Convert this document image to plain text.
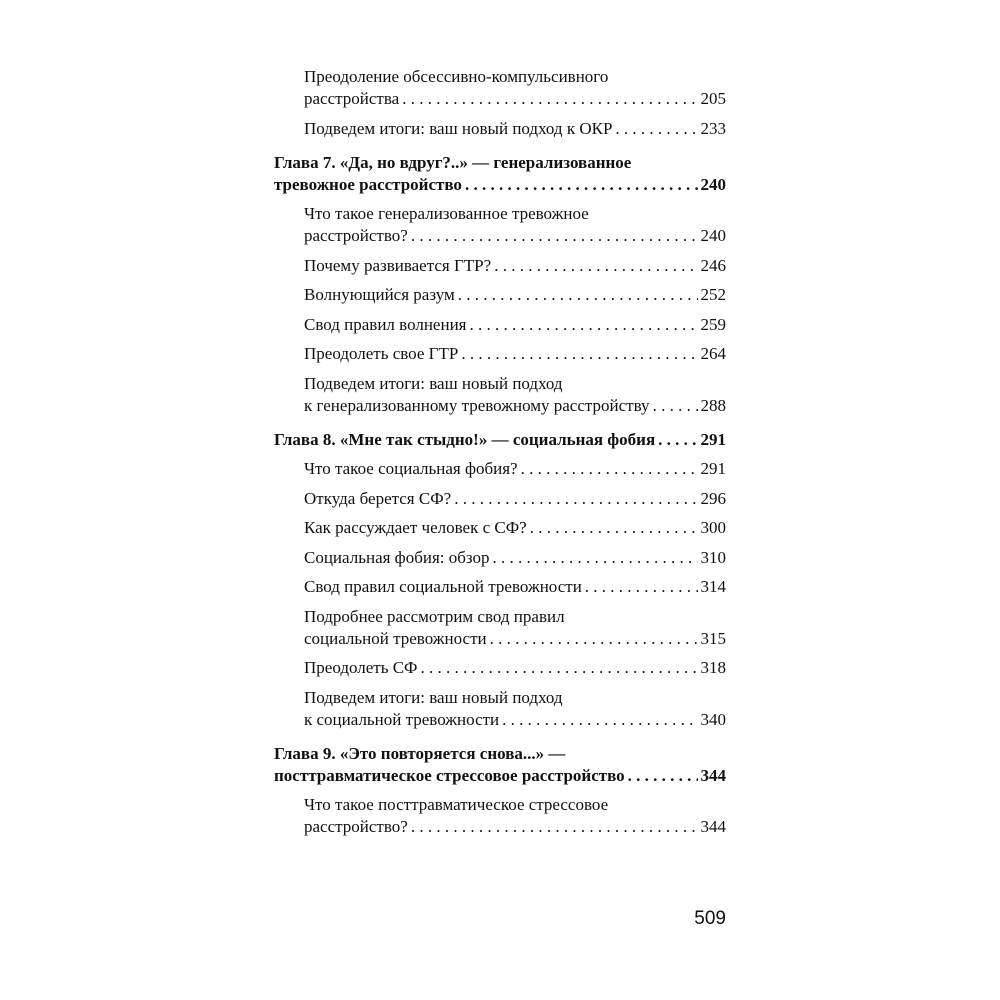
Преодоление обсессивно-компульсивного
расстройства . . .	205
Подведем итоги: ваш новый подход к ОКР . . .	233
Глава 7. «Да, но вдруг?..» — генерализованное
тревожное расстройство . . .	240
Что такое генерализованное тревожное
расстройство? . . .	240
Почему развивается ГТР? . . .	246
Волнующийся разум . . .	252
Свод правил волнения . . .	259
Преодолеть свое ГТР . . .	264
Подведем итоги: ваш новый подход
к генерализованному тревожному расстройству . . .	288
Глава 8. «Мне так стыдно!» — социальная фобия . . .	291
Что такое социальная фобия? . . .	291
Откуда берется СФ? . . .	296
Как рассуждает человек с СФ? . . .	300
Социальная фобия: обзор . . .	310
Свод правил социальной тревожности . . .	314
Подробнее рассмотрим свод правил
социальной тревожности . . .	315
Преодолеть СФ . . .	318
Подведем итоги: ваш новый подход
к социальной тревожности . . .	340
Глава 9. «Это повторяется снова...» —
посттравматическое стрессовое расстройство . . .	344
Что такое посттравматическое стрессовое
расстройство? . . .	344
509
